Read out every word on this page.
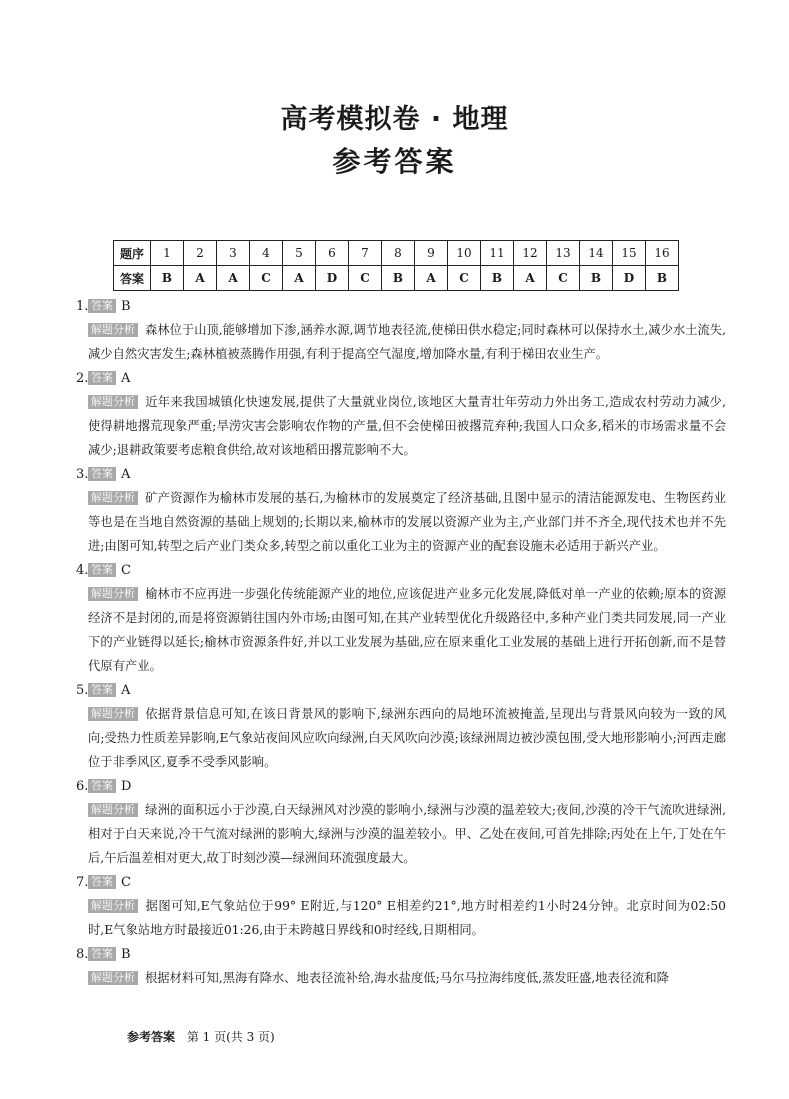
高考模拟卷 · 地理
参考答案
题序	1	2	3	4	5	6	7	8	9	10	11	12	13	14	15	16
答案	B	A	A	C	A	D	C	B	A	C	B	A	C	B	D	B
1. 答案 B
解题分析 森林位于山顶,能够增加下渗,涵养水源,调节地表径流,使梯田供水稳定;同时森林可以保持水土,减少水土流失,减少自然灾害发生;森林植被蒸腾作用强,有利于提高空气湿度,增加降水量,有利于梯田农业生产。
2. 答案 A
解题分析 近年来我国城镇化快速发展,提供了大量就业岗位,该地区大量青壮年劳动力外出务工,造成农村劳动力减少,使得耕地撂荒现象严重;旱涝灾害会影响农作物的产量,但不会使梯田被撂荒弃种;我国人口众多,稻米的市场需求量不会减少;退耕政策要考虑粮食供给,故对该地稻田撂荒影响不大。
3. 答案 A
解题分析 矿产资源作为榆林市发展的基石,为榆林市的发展奠定了经济基础,且图中显示的清洁能源发电、生物医药业等也是在当地自然资源的基础上规划的;长期以来,榆林市的发展以资源产业为主,产业部门并不齐全,现代技术也并不先进;由图可知,转型之后产业门类众多,转型之前以重化工业为主的资源产业的配套设施未必适用于新兴产业。
4. 答案 C
解题分析 榆林市不应再进一步强化传统能源产业的地位,应该促进产业多元化发展,降低对单一产业的依赖;原本的资源经济不是封闭的,而是将资源销往国内外市场;由图可知,在其产业转型优化升级路径中,多种产业门类共同发展,同一产业下的产业链得以延长;榆林市资源条件好,并以工业发展为基础,应在原来重化工业发展的基础上进行开拓创新,而不是替代原有产业。
5. 答案 A
解题分析 依据背景信息可知,在该日背景风的影响下,绿洲东西向的局地环流被掩盖,呈现出与背景风向较为一致的风向;受热力性质差异影响,E气象站夜间风应吹向绿洲,白天风吹向沙漠;该绿洲周边被沙漠包围,受大地形影响小;河西走廊位于非季风区,夏季不受季风影响。
6. 答案 D
解题分析 绿洲的面积远小于沙漠,白天绿洲风对沙漠的影响小,绿洲与沙漠的温差较大;夜间,沙漠的冷干气流吹进绿洲,相对于白天来说,冷干气流对绿洲的影响大,绿洲与沙漠的温差较小。甲、乙处在夜间,可首先排除;丙处在上午,丁处在午后,午后温差相对更大,故丁时刻沙漠—绿洲间环流强度最大。
7. 答案 C
解题分析 据图可知,E气象站位于99° E附近,与120° E相差约21°,地方时相差约1小时24分钟。北京时间为02:50时,E气象站地方时最接近01:26,由于未跨越日界线和0时经线,日期相同。
8. 答案 B
解题分析 根据材料可知,黑海有降水、地表径流补给,海水盐度低;马尔马拉海纬度低,蒸发旺盛,地表径流和降
参考答案 第 1 页(共 3 页)
